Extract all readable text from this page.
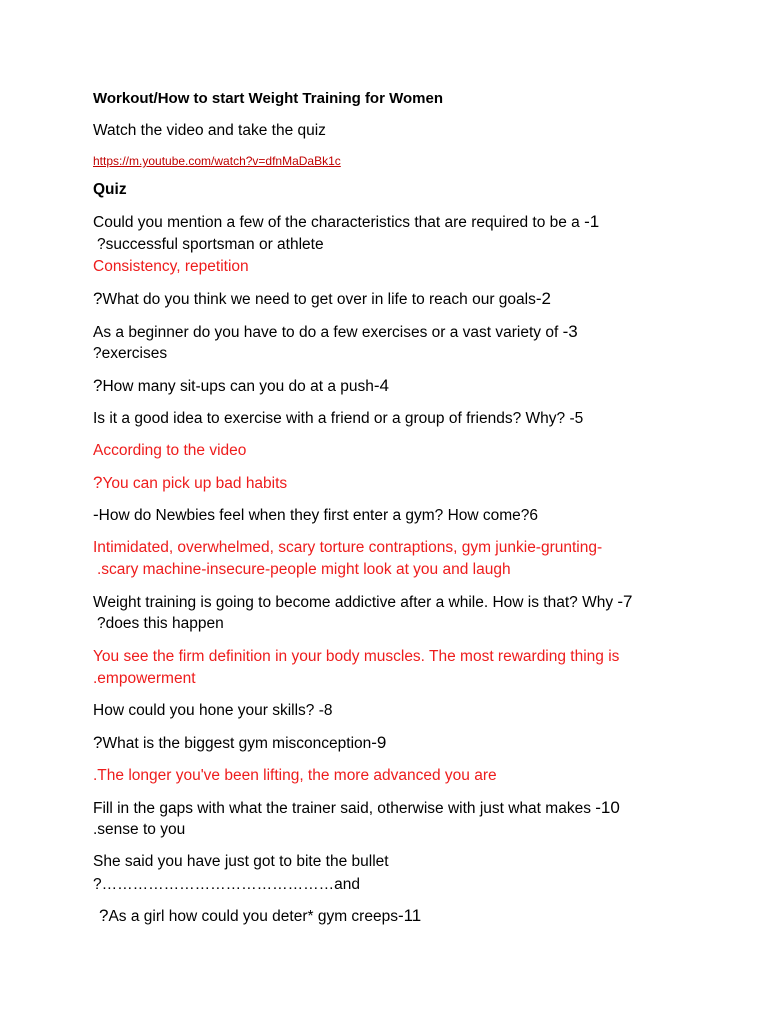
Workout/How to start Weight Training for Women

Watch the video and take the quiz

https://m.youtube.com/watch?v=dfnMaDaBk1c

Quiz

Could you mention a few of the characteristics that are required to be a -1

?successful sportsman or athlete

Consistency, repetition

?What do you think we need to get over in life to reach our goals-2

As a beginner do you have to do a few exercises or a vast variety of -3

?exercises

?How many sit-ups can you do at a push-4

Is it a good idea to exercise with a friend or a group of friends? Why? -5

According to the video

?You can pick up bad habits

-How do Newbies feel when they first enter a gym? How come?6

Intimidated, overwhelmed, scary torture contraptions, gym junkie-grunting-

.scary machine-insecure-people might look at you and laugh

Weight training is going to become addictive after a while. How is that? Why -7

?does this happen

You see the firm definition in your body muscles. The most rewarding thing is

.empowerment

How could you hone your skills? -8

?What is the biggest gym misconception-9

.The longer you've been lifting, the more advanced you are

Fill in the gaps with what the trainer said, otherwise with just what makes -10

.sense to you

She said you have just got to bite the bullet

?………………………………………and

?As a girl how could you deter* gym creeps-11
